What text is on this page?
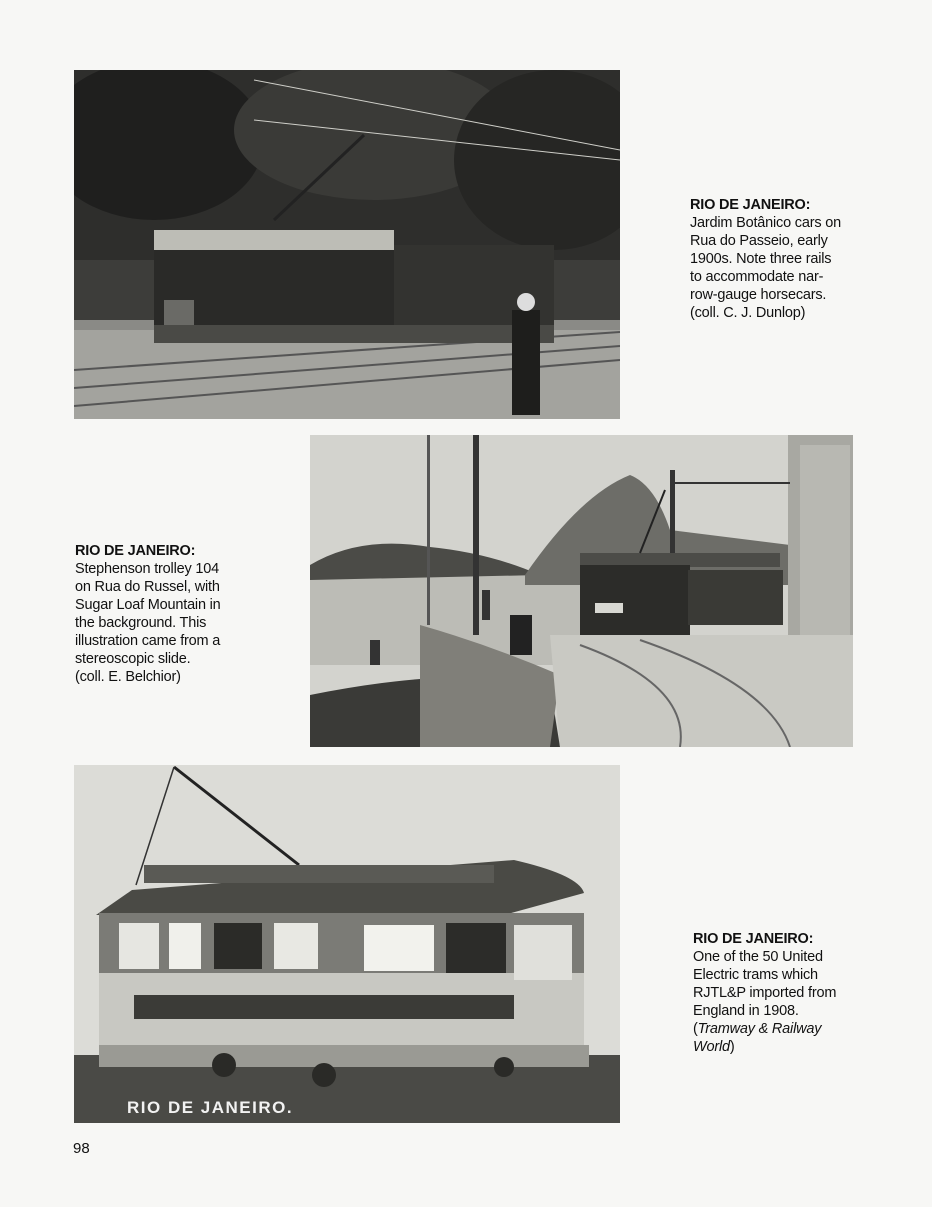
RIO DE JANEIRO.
RIO DE JANEIRO:
Jardim Botânico cars on
Rua do Passeio, early
1900s. Note three rails
to accommodate nar-
row-gauge horsecars.
(coll. C. J. Dunlop)
RIO DE JANEIRO:
Stephenson trolley 104
on Rua do Russel, with
Sugar Loaf Mountain in
the background. This
illustration came from a
stereoscopic slide.
(coll. E. Belchior)
RIO DE JANEIRO:
One of the 50 United
Electric trams which
RJTL&P imported from
England in 1908.
(Tramway & Railway
World)
98
